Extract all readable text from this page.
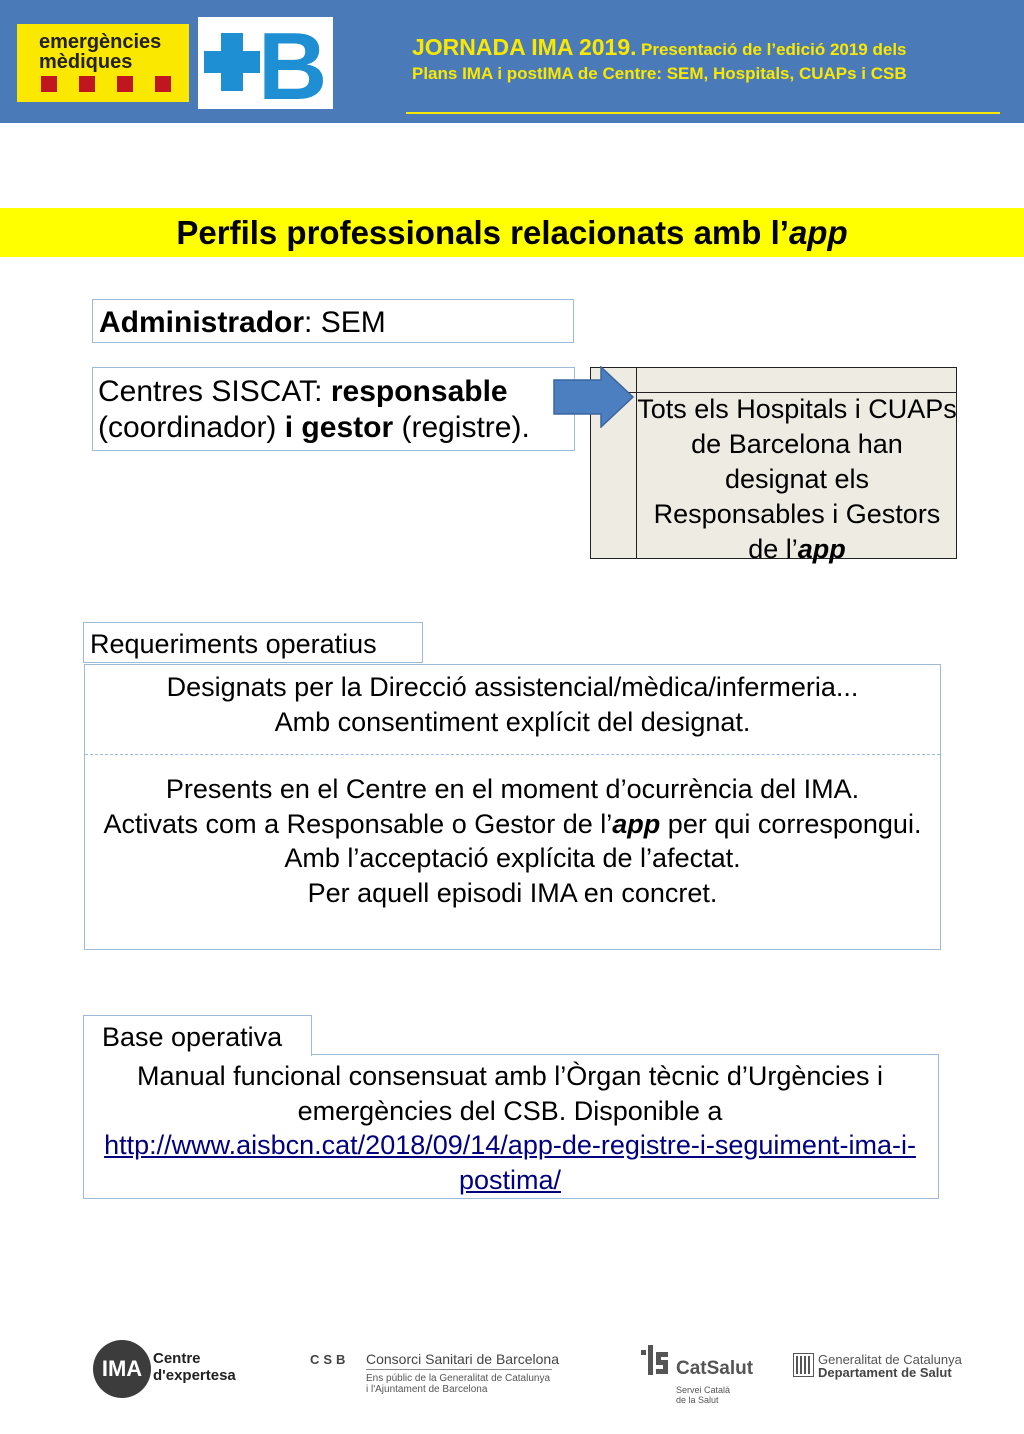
emergències
mèdiques B	JORNADA IMA 2019. Presentació de l’edició 2019 dels
Plans IMA i postIMA de Centre: SEM, Hospitals, CUAPs i CSB
Perfils professionals relacionats amb l’app
Administrador: SEM
Centres SISCAT: responsable
(coordinador) i gestor (registre).
Tots els Hospitals i CUAPs de Barcelona han designat els Responsables i Gestors de l’app
Requeriments operatius
Designats per la Direcció assistencial/mèdica/infermeria...
Amb consentiment explícit del designat.
Presents en el Centre en el moment d’ocurrència del IMA.
Activats com a Responsable o Gestor de l’app per qui correspongui.
Amb l’acceptació explícita de l’afectat.
Per aquell episodi IMA en concret.
Base operativa
Manual funcional consensuat amb l’Òrgan tècnic d’Urgències i emergències del CSB. Disponible a
http://www.aisbcn.cat/2018/09/14/app-de-registre-i-seguiment-ima-i-postima/
IMA Centre
d'expertesa
CSB Consorci Sanitari de Barcelona
Ens públic de la Generalitat de Catalunya
i l'Ajuntament de Barcelona
CatSalut
Servei Català
de la Salut
Generalitat de Catalunya
Departament de Salut
